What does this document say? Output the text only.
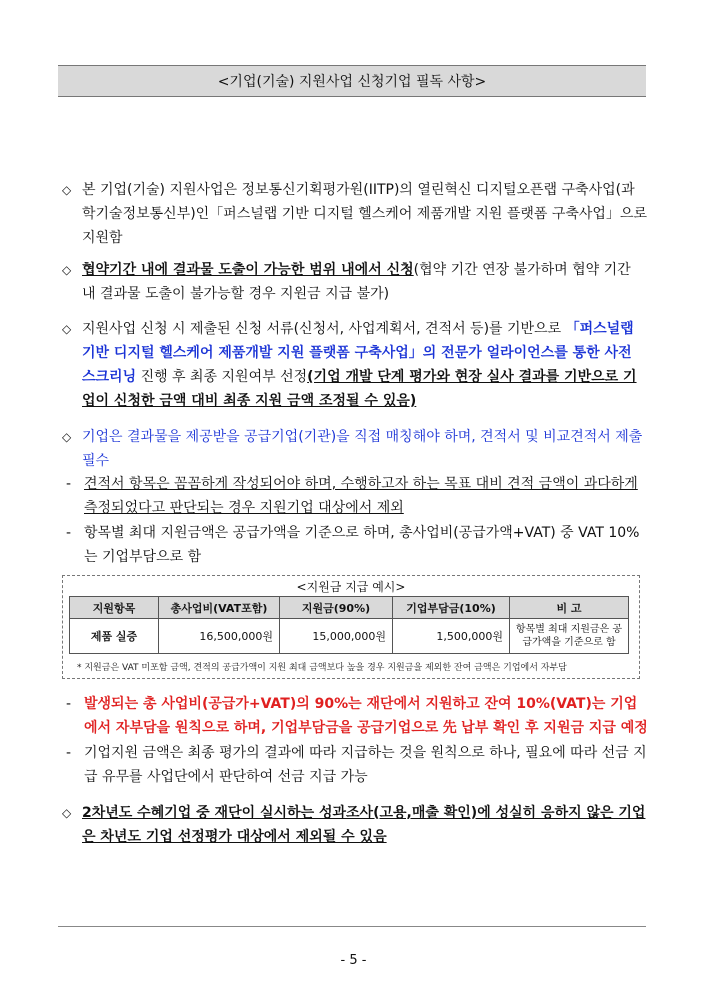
<기업(기술) 지원사업 신청기업 필독 사항>
◇ 본 기업(기술) 지원사업은 정보통신기획평가원(IITP)의 열린혁신 디지털오픈랩 구축사업(과학기술정보통신부)인「퍼스널랩 기반 디지털 헬스케어 제품개발 지원 플랫폼 구축사업」으로 지원함
◇ 협약기간 내에 결과물 도출이 가능한 범위 내에서 신청(협약 기간 연장 불가하며 협약 기간 내 결과물 도출이 불가능할 경우 지원금 지급 불가)
◇ 지원사업 신청 시 제출된 신청 서류(신청서, 사업계획서, 견적서 등)를 기반으로 「퍼스널랩 기반 디지털 헬스케어 제품개발 지원 플랫폼 구축사업」의 전문가 얼라이언스를 통한 사전 스크리닝 진행 후 최종 지원여부 선정(기업 개발 단계 평가와 현장 실사 결과를 기반으로 기업이 신청한 금액 대비 최종 지원 금액 조정될 수 있음)
◇ 기업은 결과물을 제공받을 공급기업(기관)을 직접 매칭해야 하며, 견적서 및 비교견적서 제출 필수
- 견적서 항목은 꼼꼼하게 작성되어야 하며, 수행하고자 하는 목표 대비 견적 금액이 과다하게 측정되었다고 판단되는 경우 지원기업 대상에서 제외
- 항목별 최대 지원금액은 공급가액을 기준으로 하며, 총사업비(공급가액+VAT) 중 VAT 10%는 기업부담으로 함
<지원금 지급 예시>
지원항목	총사업비(VAT포함)	지원금(90%)	기업부담금(10%)	비 고
제품 실증	16,500,000원	15,000,000원	1,500,000원	항목별 최대 지원금은 공급가액을 기준으로 함
* 지원금은 VAT 미포함 금액, 견적의 공급가액이 지원 최대 금액보다 높을 경우 지원금을 제외한 잔여 금액은 기업에서 자부담
- 발생되는 총 사업비(공급가+VAT)의 90%는 재단에서 지원하고 잔여 10%(VAT)는 기업에서 자부담을 원칙으로 하며, 기업부담금을 공급기업으로 先 납부 확인 후 지원금 지급 예정
- 기업지원 금액은 최종 평가의 결과에 따라 지급하는 것을 원칙으로 하나, 필요에 따라 선금 지급 유무를 사업단에서 판단하여 선금 지급 가능
◇ 2차년도 수혜기업 중 재단이 실시하는 성과조사(고용,매출 확인)에 성실히 응하지 않은 기업은 차년도 기업 선정평가 대상에서 제외될 수 있음
- 5 -
